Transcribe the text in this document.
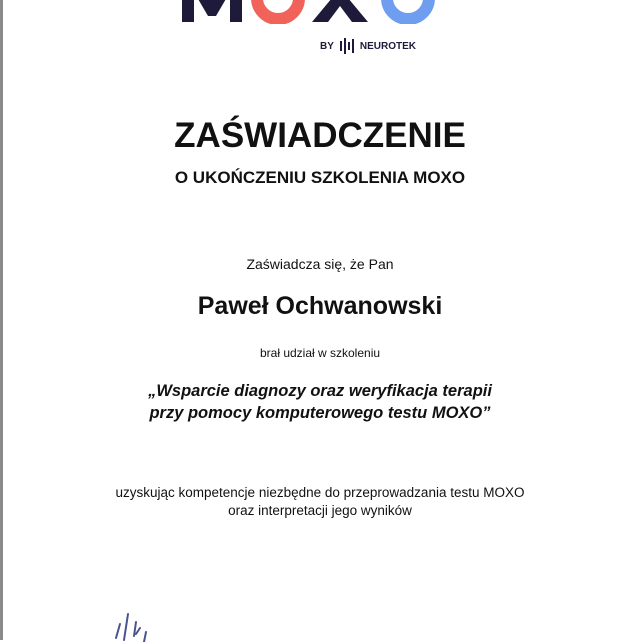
BY	NEUROTEK
ZAŚWIADCZENIE
O UKOŃCZENIU SZKOLENIA MOXO
Zaświadcza się, że Pan
Paweł Ochwanowski
brał udział w szkoleniu
„Wsparcie diagnozy oraz weryfikacja terapii
przy pomocy komputerowego testu MOXO”
uzyskując kompetencje niezbędne do przeprowadzania testu MOXO
oraz interpretacji jego wyników
